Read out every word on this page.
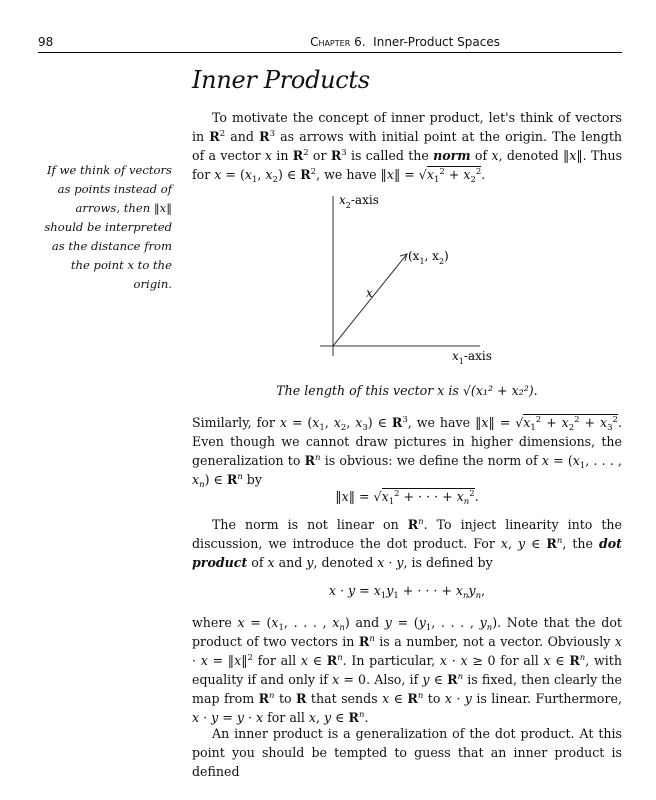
98	Chapter 6. Inner-Product Spaces
Inner Products
If we think of vectors as points instead of arrows, then ‖x‖ should be interpreted as the distance from the point x to the origin.
To motivate the concept of inner product, let's think of vectors in $R^2$ and $R^3$ as arrows with initial point at the origin. The length of a vector x in $R^2$ or $R^3$ is called the norm of x, denoted ‖x‖. Thus for $x = (x_1$, $x_2$) ∈ $R^2$, we have ‖x‖ = $√x_1^2 + x_2^2$.
$x_2$-axis
$x_1$-axis
($x_1$, $x_2$)
x
The length of this vector x is √(x₁² + x₂²).
Similarly, for $x = (x_1$, $x_2$, $x_3$) ∈ $R^3$, we have ‖x‖ = $√x_1^2 + x_2^2 + x_3^2$. Even though we cannot draw pictures in higher dimensions, the generalization to $R^n$ is obvious: we define the norm of $x = (x_1$, . . . , $x_n$) ∈ $R^n$ by
‖x‖ = $√x_1^2$ + · · · + $x_n^2$.
The norm is not linear on $R^n$. To inject linearity into the discussion, we introduce the dot product. For x, y ∈ $R^n$, the dot product of x and y, denoted x · y, is defined by
$x \cdot y = x_1y_1$ + · · · + $x_ny_n$,
where $x = (x_1$, . . . , $x_n$) and $y = (y_1$, . . . , $y_n$). Note that the dot product of two vectors in $R^n$ is a number, not a vector. Obviously x · x = ‖x‖$^2$ for all x ∈ $R^n$. In particular, x · x ≥ 0 for all x ∈ $R^n$, with equality if and only if x = 0. Also, if y ∈ $R^n$ is fixed, then clearly the map from $R^n$ to R that sends x ∈ $R^n$ to x · y is linear. Furthermore, x · y = y · x for all x, y ∈ $R^n$.
An inner product is a generalization of the dot product. At this point you should be tempted to guess that an inner product is defined
